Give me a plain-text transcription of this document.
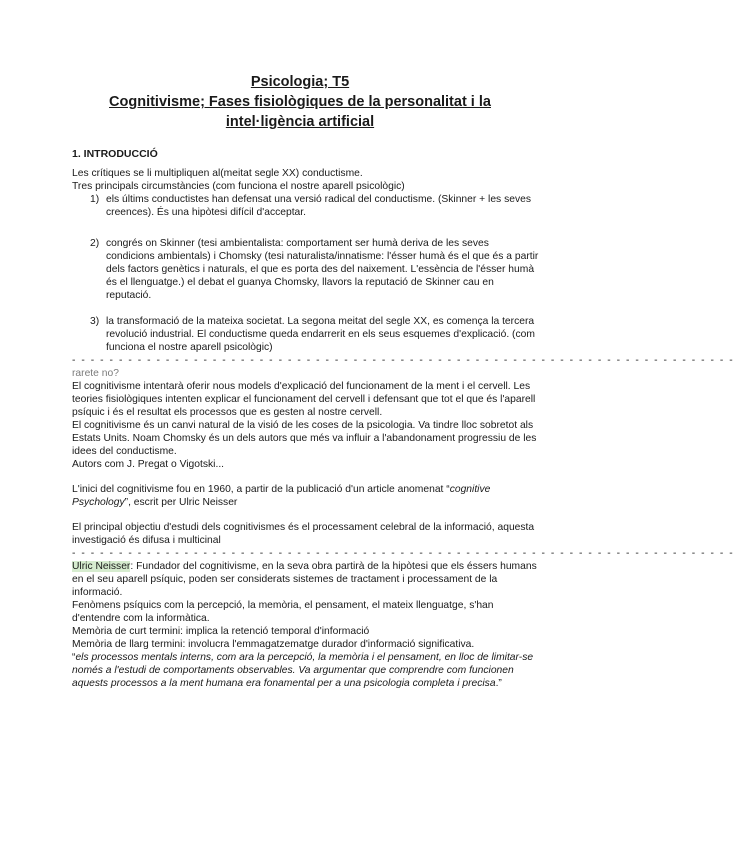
Psicologia; T5
Cognitivisme; Fases fisiològiques de la personalitat i la
intel·ligència artificial

1. INTRODUCCIÓ

Les crítiques se li multipliquen al(meitat segle XX) conductisme.

Tres principals circumstàncies (com funciona el nostre aparell psicològic)

1) els últims conductistes han defensat una versió radical del conductisme. (Skinner + les seves creences). És una hipòtesi difícil d'acceptar.
2) congrés on Skinner (tesi ambientalista: comportament ser humà deriva de les seves condicions ambientals) i Chomsky (tesi naturalista/innatisme: l'ésser humà és el que és a partir dels factors genètics i naturals, el que es porta des del naixement. L'essència de l'ésser humà és el llenguatge.) el debat el guanya Chomsky, llavors la reputació de Skinner cau en reputació.
3) la transformació de la mateixa societat. La segona meitat del segle XX, es comença la tercera revolució industrial. El conductisme queda endarrerit en els seus esquemes d'explicació. (com funciona el nostre aparell psicològic)
- - - - - - - - - - - - - - - - - - - - - - - - - - - - - - - - - - - - - - - - - - - - - - - - - - - - - - - - - - - - - - - - - - - - - - -

rarete no?

El cognitivisme intentarà oferir nous models d'explicació del funcionament de la ment i el cervell. Les teories fisiològiques intenten explicar el funcionament del cervell i defensant que tot el que és l'aparell psíquic i és el resultat els processos que es gesten al nostre cervell.

El cognitivisme és un canvi natural de la visió de les coses de la psicologia. Va tindre lloc sobretot als Estats Units. Noam Chomsky és un dels autors que més va influir a l'abandonament progressiu de les idees del conductisme.

Autors com J. Pregat o Vigotski...

L'inici del cognitivisme fou en 1960, a partir de la publicació d'un article anomenat “cognitive Psychology”, escrit per Ulric Neisser

El principal objectiu d'estudi dels cognitivismes és el processament celebral de la informació, aquesta investigació és difusa i multicinal

- - - - - - - - - - - - - - - - - - - - - - - - - - - - - - - - - - - - - - - - - - - - - - - - - - - - - - - - - - - - - - - - - - - - - - -

Ulric Neisser: Fundador del cognitivisme, en la seva obra partirà de la hipòtesi que els éssers humans en el seu aparell psíquic, poden ser considerats sistemes de tractament i processament de la informació.

Fenòmens psíquics com la percepció, la memòria, el pensament, el mateix llenguatge, s'han d'entendre com la informàtica.

Memòria de curt termini: implica la retenció temporal d'informació

Memòria de llarg termini: involucra l'emmagatzematge durador d'informació significativa.

“els processos mentals interns, com ara la percepció, la memòria i el pensament, en lloc de limitar-se només a l'estudi de comportaments observables. Va argumentar que comprendre com funcionen aquests processos a la ment humana era fonamental per a una psicologia completa i precisa.”
